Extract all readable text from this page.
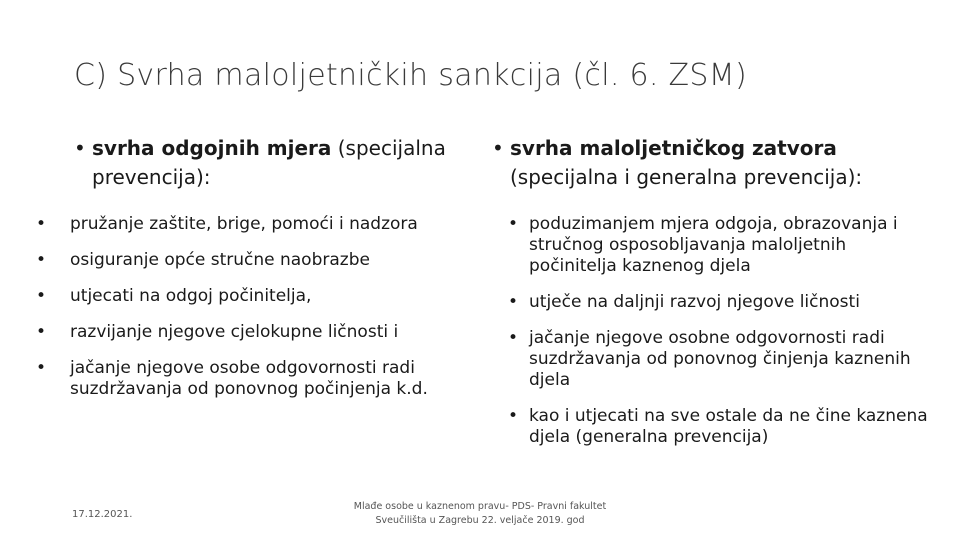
C) Svrha maloljetničkih sankcija (čl. 6. ZSM)
• svrha odgojnih mjera (specijalna prevencija):
• svrha maloljetničkog zatvora (specijalna i generalna prevencija):
• pružanje zaštite, brige, pomoći i nadzora
• osiguranje opće stručne naobrazbe
• utjecati na odgoj počinitelja,
• razvijanje njegove cjelokupne ličnosti i
• jačanje njegove osobe odgovornosti radi suzdržavanja od ponovnog počinjenja k.d.
• poduzimanjem mjera odgoja, obrazovanja i stručnog osposobljavanja maloljetnih počinitelja kaznenog djela
• utječe na daljnji razvoj njegove ličnosti
• jačanje njegove osobne odgovornosti radi suzdržavanja od ponovnog činjenja kaznenih djela
• kao i utjecati na sve ostale da ne čine kaznena djela (generalna prevencija)
17.12.2021.
Mlađe osobe u kaznenom pravu- PDS- Pravni fakultet
Sveučilišta u Zagrebu 22. veljače 2019. god
